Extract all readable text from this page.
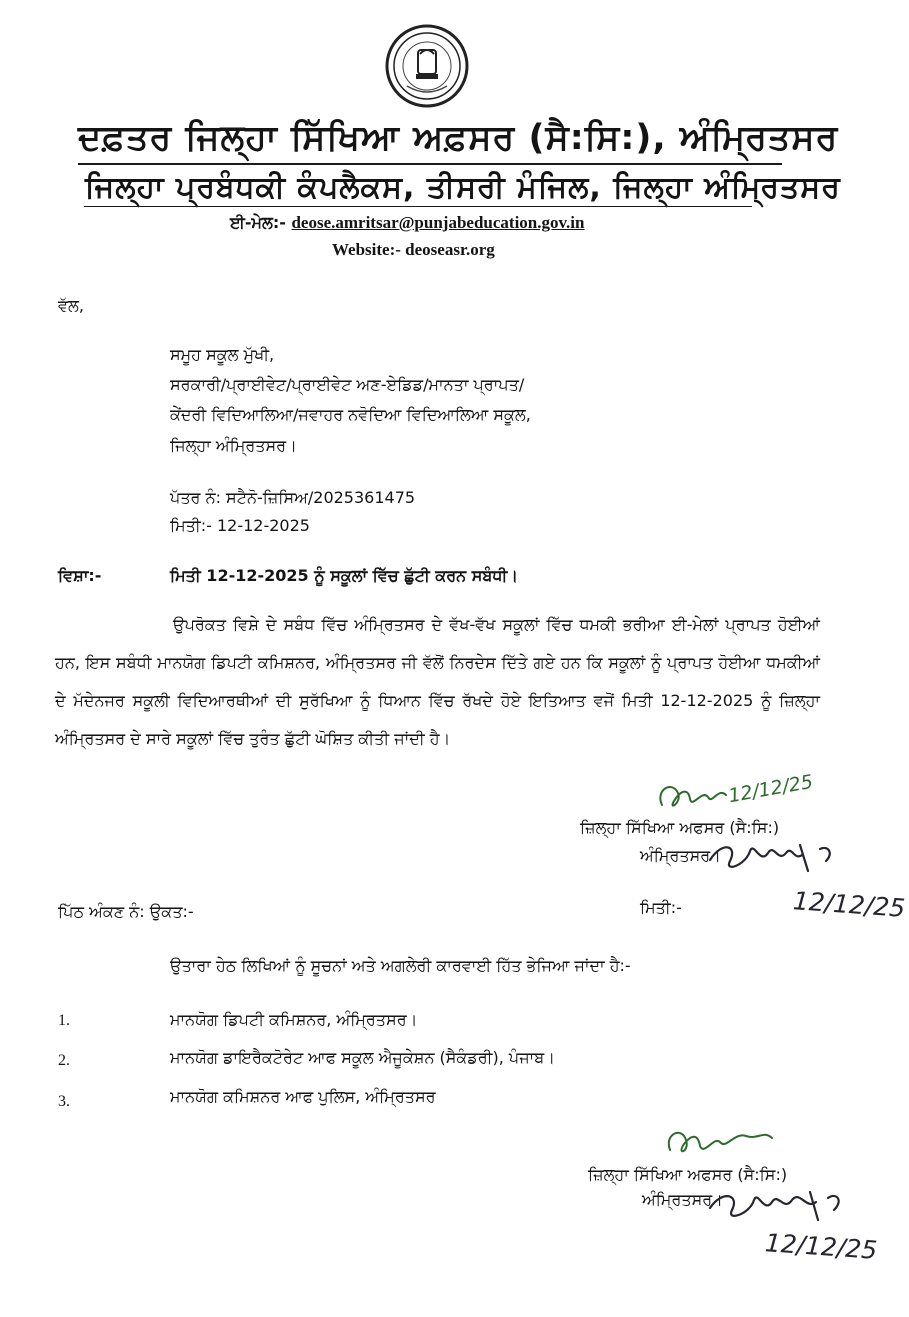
ਦਫ਼ਤਰ ਜਿਲ੍ਹਾ ਸਿੱਖਿਆ ਅਫ਼ਸਰ (ਸੈ:ਸਿ:), ਅੰਮ੍ਰਿਤਸਰ
ਜਿਲ੍ਹਾ ਪ੍ਰਬੰਧਕੀ ਕੰਪਲੈਕਸ, ਤੀਸਰੀ ਮੰਜਿਲ, ਜਿਲ੍ਹਾ ਅੰਮ੍ਰਿਤਸਰ
ਈ-ਮੇਲ:- deose.amritsar@punjabeducation.gov.in
Website:- deoseasr.org
ਵੱਲ,
ਸਮੂਹ ਸਕੂਲ ਮੁੱਖੀ,
ਸਰਕਾਰੀ/ਪ੍ਰਾਈਵੇਟ/ਪ੍ਰਾਈਵੇਟ ਅਣ-ਏਡਿਡ/ਮਾਨਤਾ ਪ੍ਰਾਪਤ/
ਕੇਂਦਰੀ ਵਿਦਿਆਲਿਆ/ਜਵਾਹਰ ਨਵੋਦਿਆ ਵਿਦਿਆਲਿਆ ਸਕੂਲ,
ਜਿਲ੍ਹਾ ਅੰਮ੍ਰਿਤਸਰ।
ਪੱਤਰ ਨੰ: ਸਟੈਨੋ-ਜ਼ਿਸਿਅ/2025361475
ਮਿਤੀ:- 12-12-2025
ਵਿਸ਼ਾ:-	ਮਿਤੀ 12-12-2025 ਨੂੰ ਸਕੂਲਾਂ ਵਿੱਚ ਛੁੱਟੀ ਕਰਨ ਸਬੰਧੀ।
ਉਪਰੋਕਤ ਵਿਸ਼ੇ ਦੇ ਸਬੰਧ ਵਿੱਚ ਅੰਮ੍ਰਿਤਸਰ ਦੇ ਵੱਖ-ਵੱਖ ਸਕੂਲਾਂ ਵਿੱਚ ਧਮਕੀ ਭਰੀਆ ਈ-ਮੇਲਾਂ ਪ੍ਰਾਪਤ ਹੋਈਆਂ ਹਨ, ਇਸ ਸਬੰਧੀ ਮਾਨਯੋਗ ਡਿਪਟੀ ਕਮਿਸ਼ਨਰ, ਅੰਮ੍ਰਿਤਸਰ ਜੀ ਵੱਲੋਂ ਨਿਰਦੇਸ ਦਿੱਤੇ ਗਏ ਹਨ ਕਿ ਸਕੂਲਾਂ ਨੂੰ ਪ੍ਰਾਪਤ ਹੋਈਆ ਧਮਕੀਆਂ ਦੇ ਮੱਦੇਨਜਰ ਸਕੂਲੀ ਵਿਦਿਆਰਥੀਆਂ ਦੀ ਸੁਰੱਖਿਆ ਨੂੰ ਧਿਆਨ ਵਿੱਚ ਰੱਖਦੇ ਹੋਏ ਇਤਿਆਤ ਵਜੋਂ ਮਿਤੀ 12-12-2025 ਨੂੰ ਜ਼ਿਲ੍ਹਾ ਅੰਮ੍ਰਿਤਸਰ ਦੇ ਸਾਰੇ ਸਕੂਲਾਂ ਵਿੱਚ ਤੁਰੰਤ ਛੁੱਟੀ ਘੋਸ਼ਿਤ ਕੀਤੀ ਜਾਂਦੀ ਹੈ।
ਜ਼ਿਲ੍ਹਾ ਸਿੱਖਿਆ ਅਫਸਰ (ਸੈ:ਸਿ:)
ਅੰਮ੍ਰਿਤਸਰ।
12/12/25
12/12/25
ਪਿੱਠ ਅੰਕਣ ਨੰ: ਉਕਤ:-	ਮਿਤੀ:-
ਉਤਾਰਾ ਹੇਠ ਲਿਖਿਆਂ ਨੂੰ ਸੂਚਨਾਂ ਅਤੇ ਅਗਲੇਰੀ ਕਾਰਵਾਈ ਹਿੱਤ ਭੇਜਿਆ ਜਾਂਦਾ ਹੈ:-
1.	ਮਾਨਯੋਗ ਡਿਪਟੀ ਕਮਿਸ਼ਨਰ, ਅੰਮ੍ਰਿਤਸਰ।
2.	ਮਾਨਯੋਗ ਡਾਇਰੈਕਟੋਰੇਟ ਆਫ ਸਕੂਲ ਐਜੂਕੇਸ਼ਨ (ਸੈਕੰਡਰੀ), ਪੰਜਾਬ।
3.	ਮਾਨਯੋਗ ਕਮਿਸ਼ਨਰ ਆਫ ਪੁਲਿਸ, ਅੰਮ੍ਰਿਤਸਰ
ਜ਼ਿਲ੍ਹਾ ਸਿੱਖਿਆ ਅਫਸਰ (ਸੈ:ਸਿ:)
ਅੰਮ੍ਰਿਤਸਰ।
12/12/25
